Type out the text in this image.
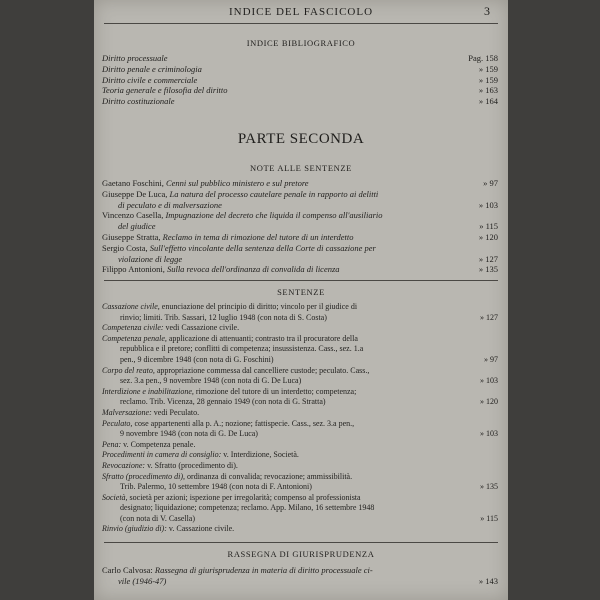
INDICE DEL FASCICOLO	3
INDICE BIBLIOGRAFICO
Diritto processuale	Pag. 158
Diritto penale e criminologia	» 159
Diritto civile e commerciale	» 159
Teoria generale e filosofia del diritto	» 163
Diritto costituzionale	» 164
PARTE SECONDA
NOTE ALLE SENTENZE
Gaetano Foschini, Cenni sul pubblico ministero e sul pretore	» 97
Giuseppe De Luca, La natura del processo cautelare penale in rapporto ai delitti
di peculato e di malversazione	» 103
Vincenzo Casella, Impugnazione del decreto che liquida il compenso all'ausiliario
del giudice	» 115
Giuseppe Stratta, Reclamo in tema di rimozione del tutore di un interdetto	» 120
Sergio Costa, Sull'effetto vincolante della sentenza della Corte di cassazione per
violazione di legge	» 127
Filippo Antonioni, Sulla revoca dell'ordinanza di convalida di licenza	» 135
SENTENZE
Cassazione civile, enunciazione del principio di diritto; vincolo per il giudice di
rinvio; limiti. Trib. Sassari, 12 luglio 1948 (con nota di S. Costa)	» 127
Competenza civile: vedi Cassazione civile.
Competenza penale, applicazione di attenuanti; contrasto tra il procuratore della
repubblica e il pretore; conflitti di competenza; insussistenza. Cass., sez. 1.a
pen., 9 dicembre 1948 (con nota di G. Foschini)	» 97
Corpo del reato, appropriazione commessa dal cancelliere custode; peculato. Cass.,
sez. 3.a pen., 9 novembre 1948 (con nota di G. De Luca)	» 103
Interdizione e inabilitazione, rimozione del tutore di un interdetto; competenza;
reclamo. Trib. Vicenza, 28 gennaio 1949 (con nota di G. Stratta)	» 120
Malversazione: vedi Peculato.
Peculato, cose appartenenti alla p. A.; nozione; fattispecie. Cass., sez. 3.a pen.,
9 novembre 1948 (con nota di G. De Luca)	» 103
Pena: v. Competenza penale.
Procedimenti in camera di consiglio: v. Interdizione, Società.
Revocazione: v. Sfratto (procedimento di).
Sfratto (procedimento di), ordinanza di convalida; revocazione; ammissibilità.
Trib. Palermo, 10 settembre 1948 (con nota di F. Antonioni)	» 135
Società, società per azioni; ispezione per irregolarità; compenso al professionista
designato; liquidazione; competenza; reclamo. App. Milano, 16 settembre 1948
(con nota di V. Casella)	» 115
Rinvio (giudizio di): v. Cassazione civile.
RASSEGNA DI GIURISPRUDENZA
Carlo Calvosa: Rassegna di giurisprudenza in materia di diritto processuale ci-
vile (1946-47)	» 143
